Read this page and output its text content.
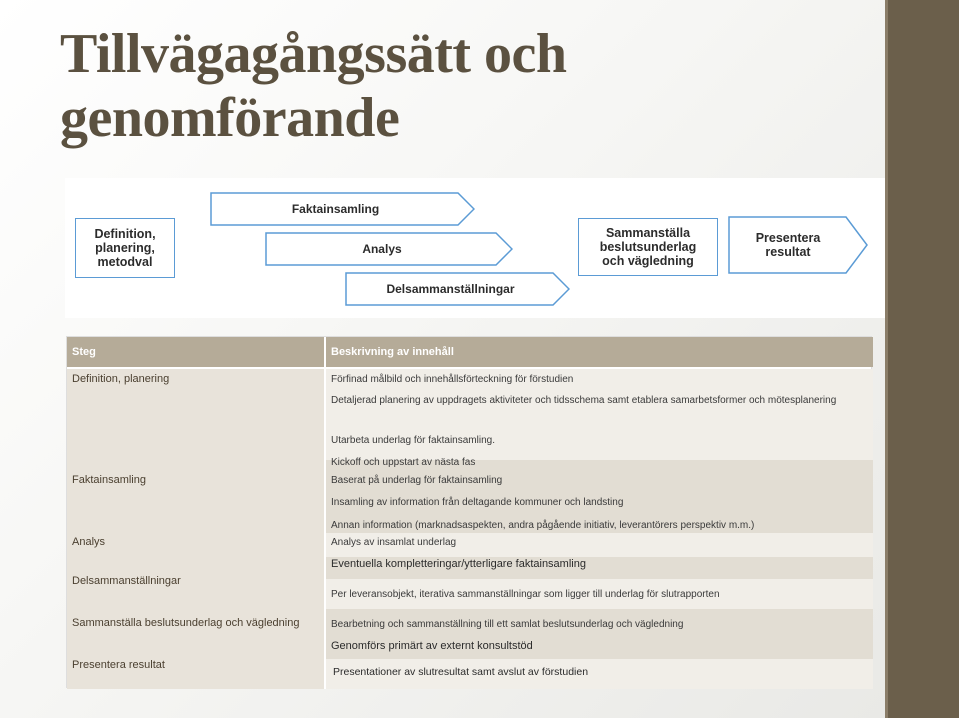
Tillvägagångssätt och
genomförande
Definition,
planering,
metodval
Faktainsamling
Analys
Delsammanställningar
Sammanställa
beslutsunderlag
och vägledning
Presentera
resultat
Steg	Beskrivning av innehåll
Definition, planering
Faktainsamling
Analys
Delsammanställningar
Sammanställa beslutsunderlag och vägledning
Presentera resultat
Förfinad målbild och innehållsförteckning för förstudien
Detaljerad planering av uppdragets aktiviteter och tidsschema samt etablera samarbetsformer och mötesplanering
Utarbeta underlag för faktainsamling.
Kickoff och uppstart av nästa fas
Baserat på underlag för faktainsamling
Insamling av information från deltagande kommuner och landsting
Annan information (marknadsaspekten, andra pågående initiativ, leverantörers perspektiv m.m.)
Analys av insamlat underlag
Eventuella kompletteringar/ytterligare faktainsamling
Per leveransobjekt, iterativa sammanställningar som ligger till underlag för slutrapporten
Bearbetning och sammanställning till ett samlat beslutsunderlag och vägledning
Genomförs primärt av externt konsultstöd
Presentationer av slutresultat samt avslut av förstudien
